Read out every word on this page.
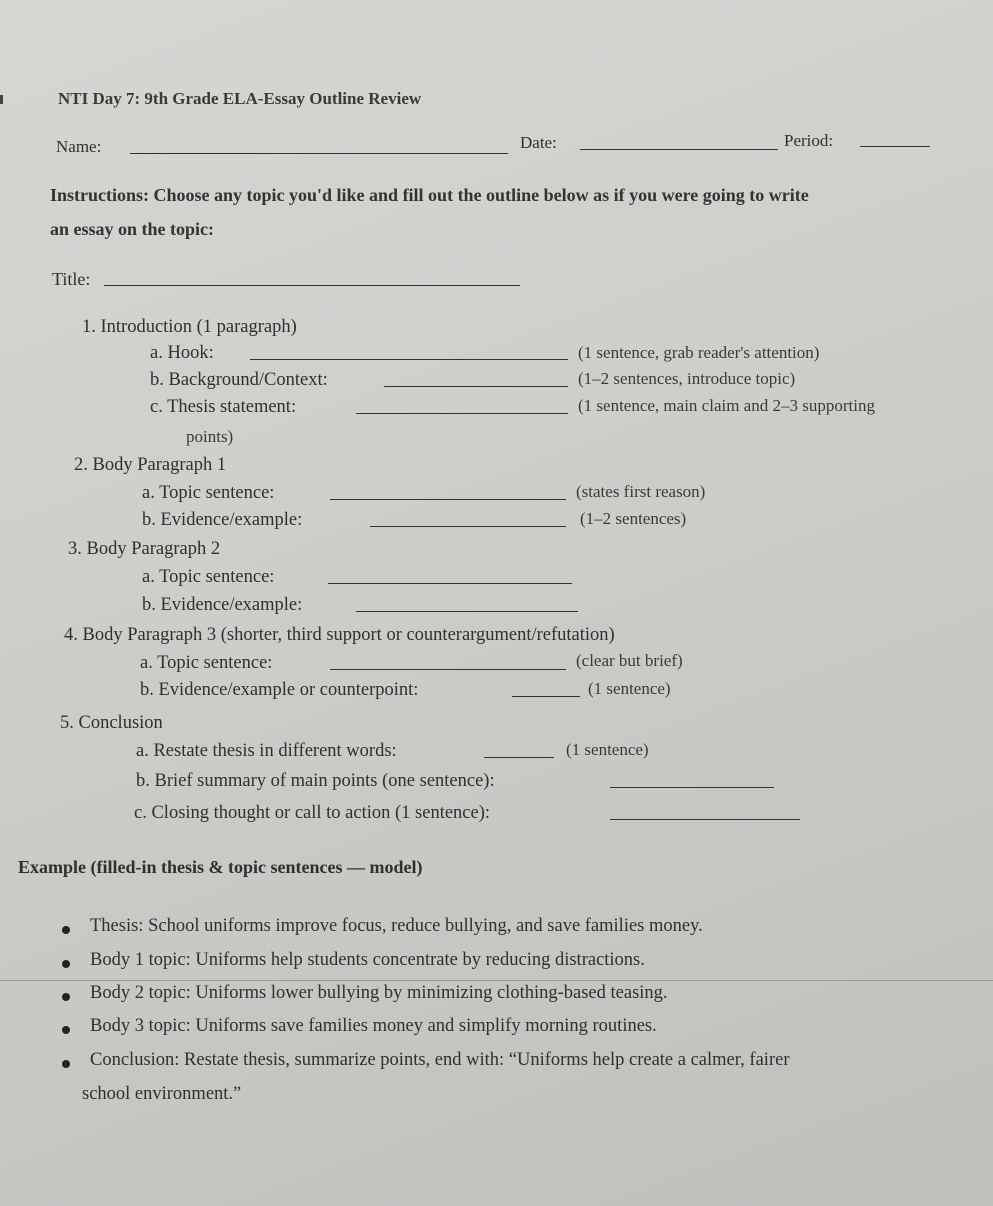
NTI Day 7: 9th Grade ELA-Essay Outline Review
Name:	Date:	Period:
Instructions: Choose any topic you'd like and fill out the outline below as if you were going to write
an essay on the topic:
Title:
1. Introduction (1 paragraph)
a. Hook:	(1 sentence, grab reader's attention)
b. Background/Context:	(1–2 sentences, introduce topic)
c. Thesis statement:	(1 sentence, main claim and 2–3 supporting
points)
2. Body Paragraph 1
a. Topic sentence:	(states first reason)
b. Evidence/example:	(1–2 sentences)
3. Body Paragraph 2
a. Topic sentence:
b. Evidence/example:
4. Body Paragraph 3 (shorter, third support or counterargument/refutation)
a. Topic sentence:	(clear but brief)
b. Evidence/example or counterpoint:	(1 sentence)
5. Conclusion
a. Restate thesis in different words:	(1 sentence)
b. Brief summary of main points (one sentence):
c. Closing thought or call to action (1 sentence):
Example (filled-in thesis & topic sentences — model)
Thesis: School uniforms improve focus, reduce bullying, and save families money.
Body 1 topic: Uniforms help students concentrate by reducing distractions.
Body 2 topic: Uniforms lower bullying by minimizing clothing-based teasing.
Body 3 topic: Uniforms save families money and simplify morning routines.
Conclusion: Restate thesis, summarize points, end with: “Uniforms help create a calmer, fairer
school environment.”
